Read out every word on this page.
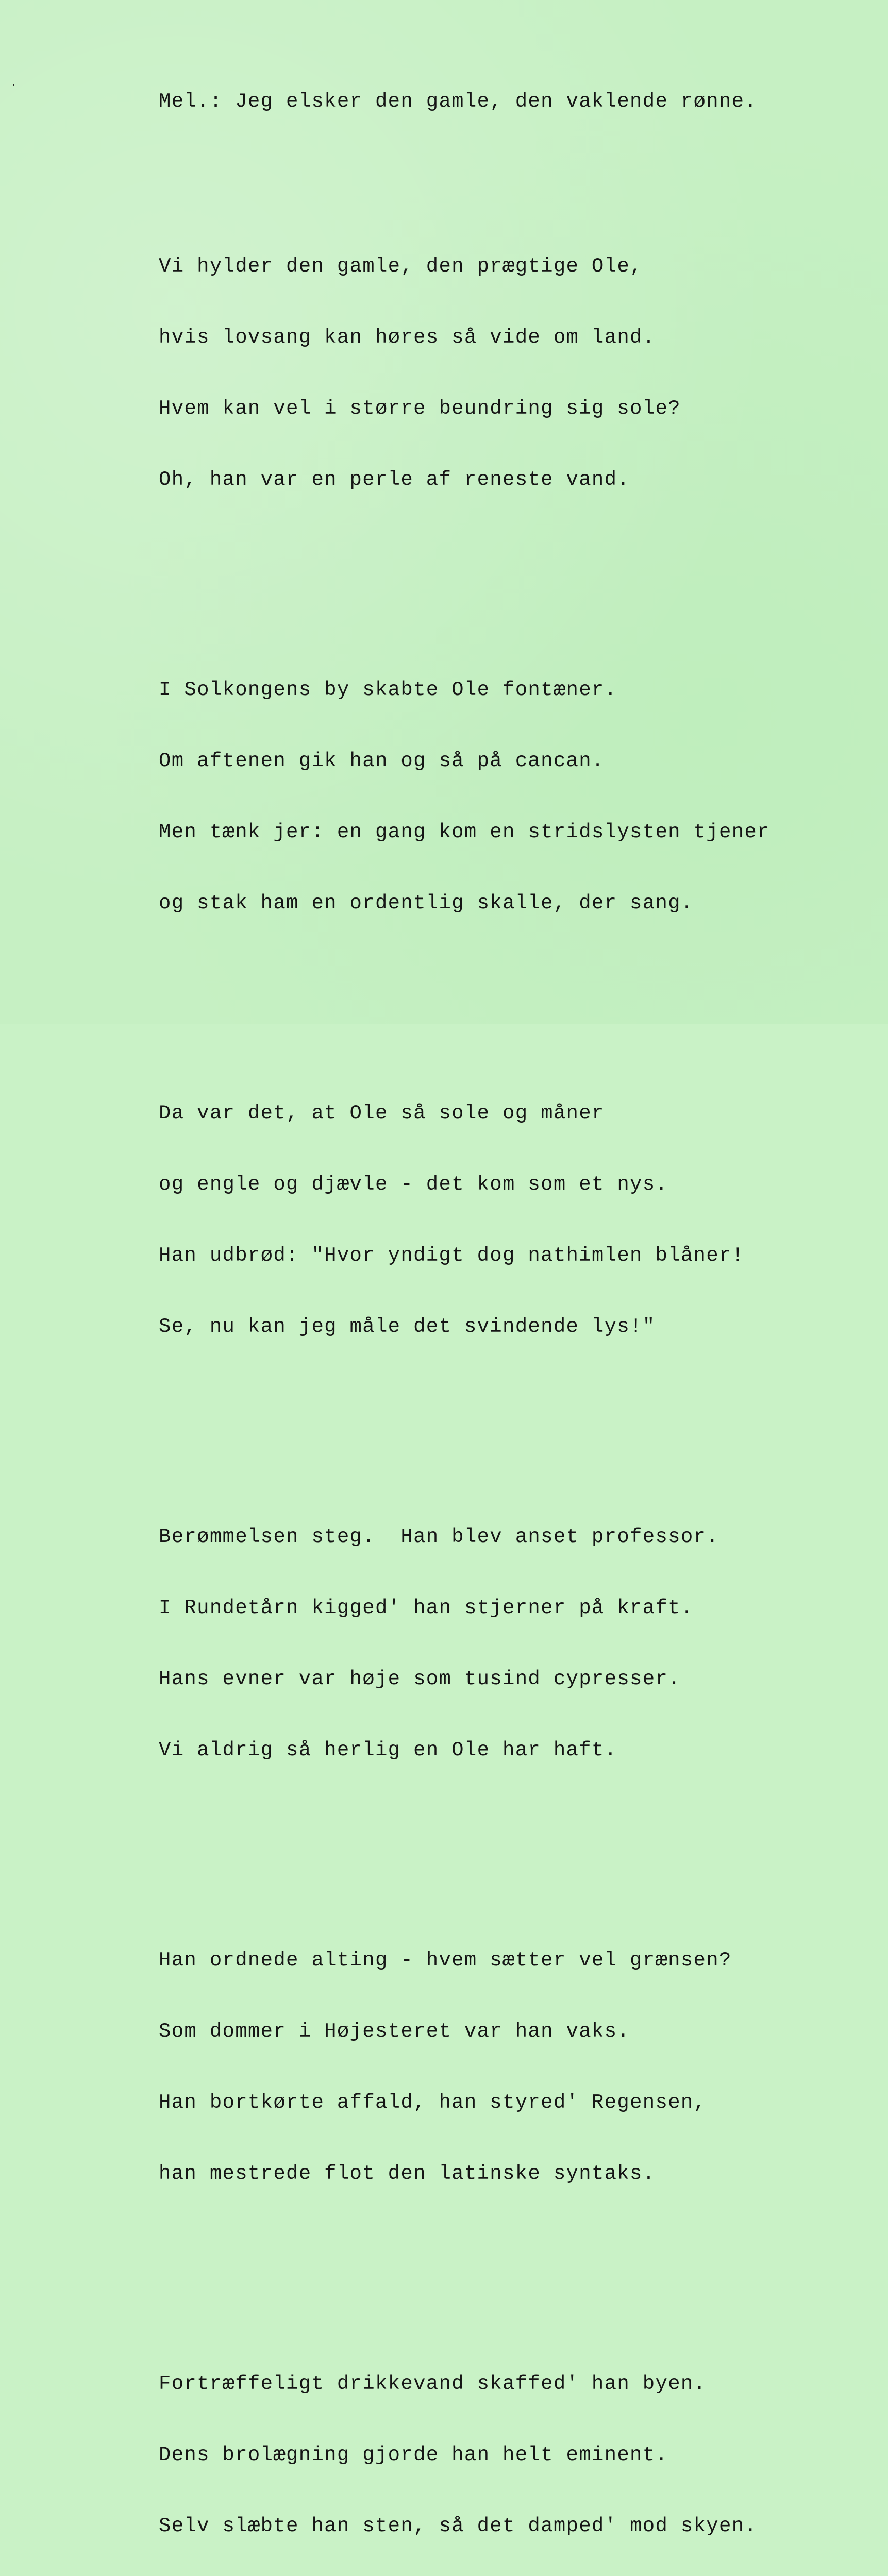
Mel.: Jeg elsker den gamle, den vaklende rønne.

Vi hylder den gamle, den prægtige Ole,

hvis lovsang kan høres så vide om land.

Hvem kan vel i større beundring sig sole?

Oh, han var en perle af reneste vand.

I Solkongens by skabte Ole fontæner.

Om aftenen gik han og så på cancan.

Men tænk jer: en gang kom en stridslysten tjener

og stak ham en ordentlig skalle, der sang.

Da var det, at Ole så sole og måner

og engle og djævle - det kom som et nys.

Han udbrød: "Hvor yndigt dog nathimlen blåner!

Se, nu kan jeg måle det svindende lys!"

Berømmelsen steg.  Han blev anset professor.

I Rundetårn kigged' han stjerner på kraft.

Hans evner var høje som tusind cypresser.

Vi aldrig så herlig en Ole har haft.

Han ordnede alting - hvem sætter vel grænsen?

Som dommer i Højesteret var han vaks.

Han bortkørte affald, han styred' Regensen,

han mestrede flot den latinske syntaks.

Fortræffeligt drikkevand skaffed' han byen.

Dens brolægning gjorde han helt eminent.

Selv slæbte han sten, så det damped' mod skyen.
